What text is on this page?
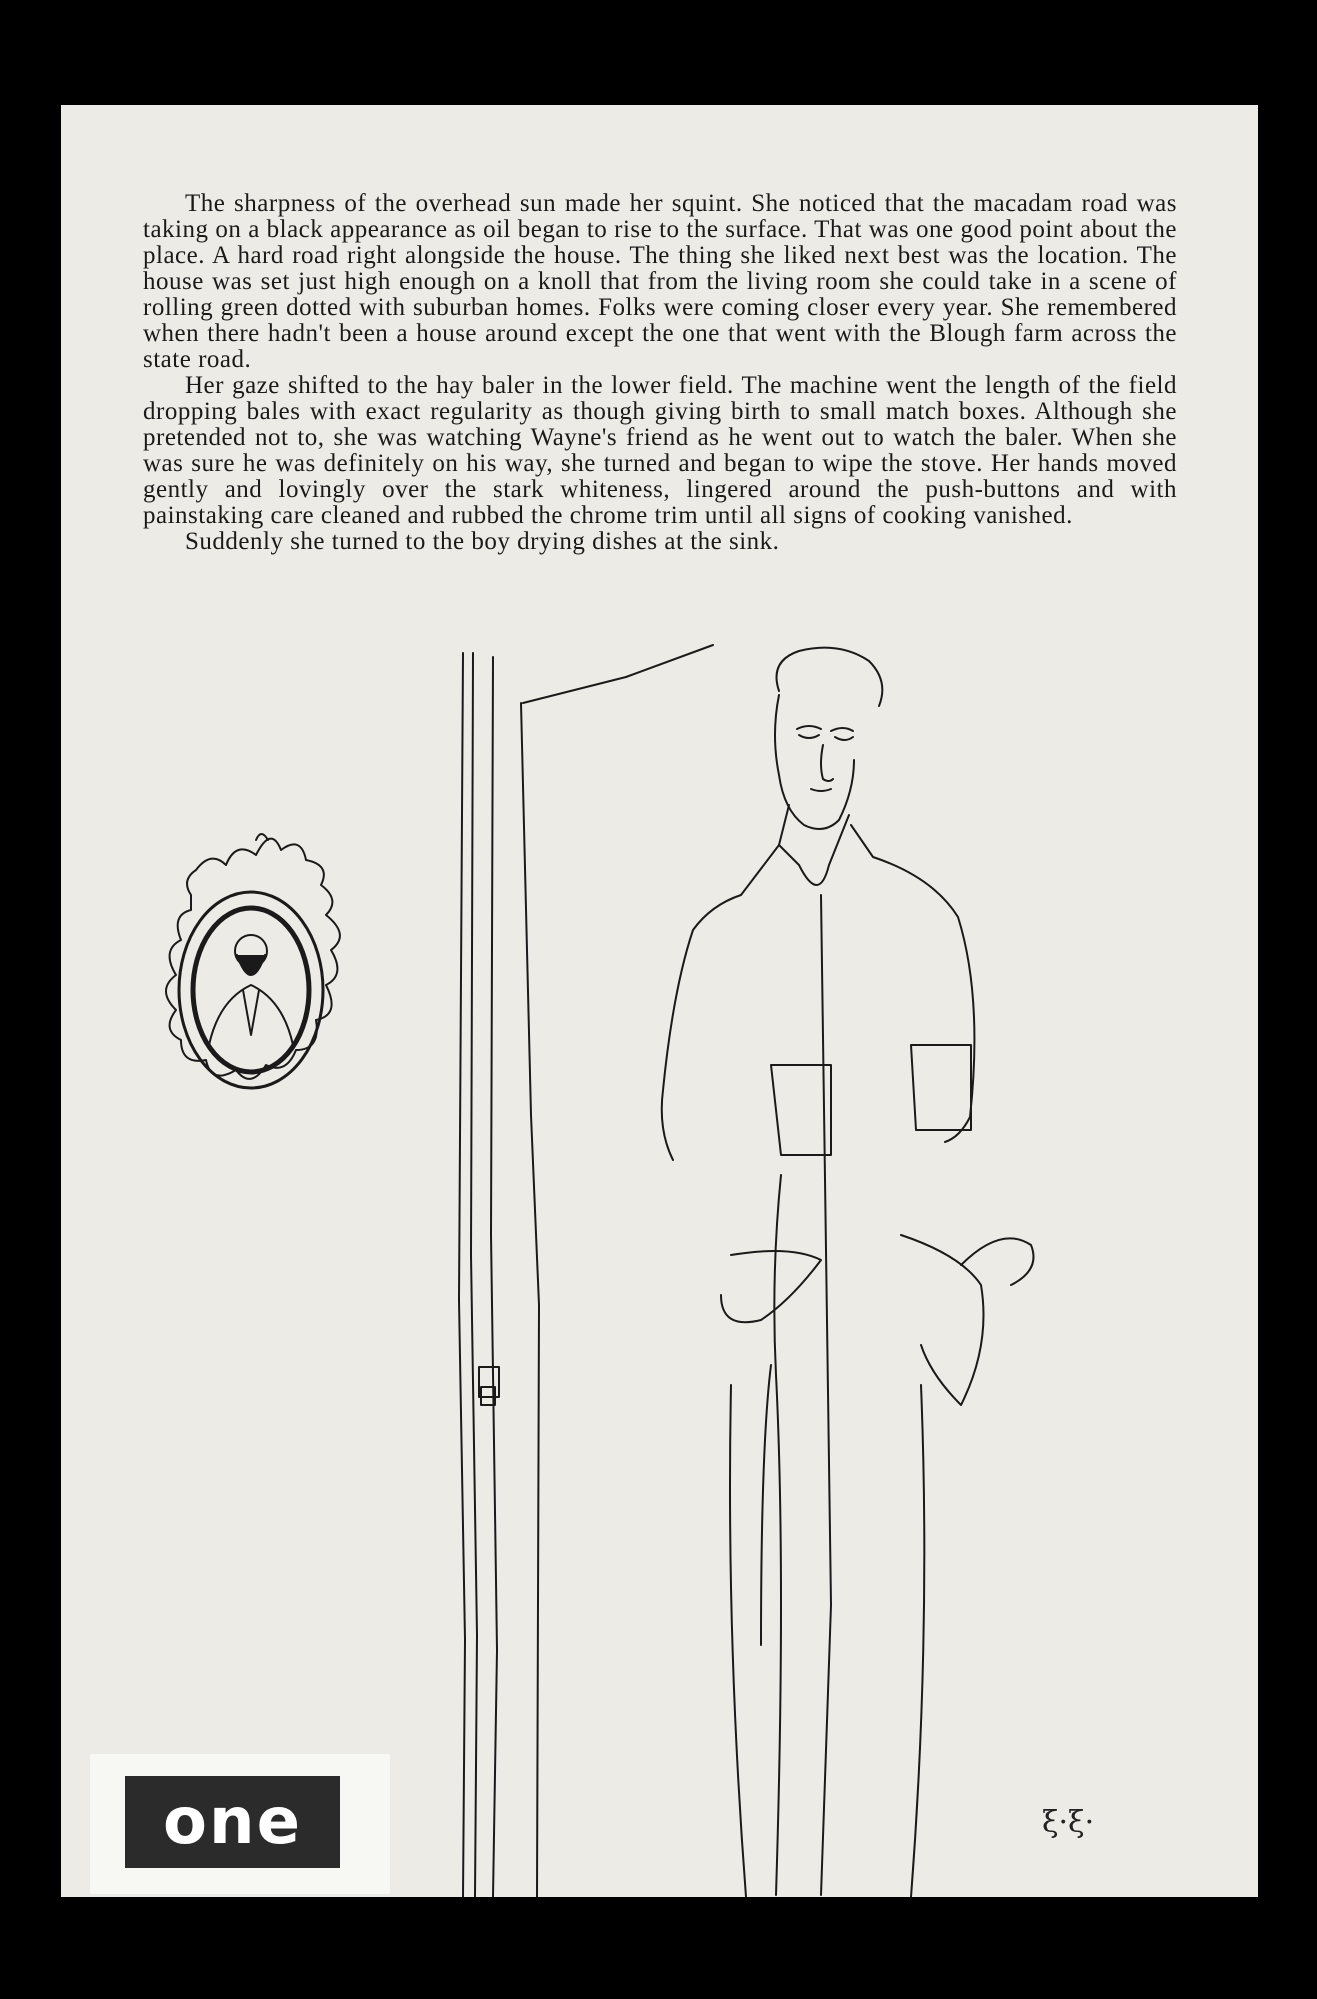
The sharpness of the overhead sun made her squint. She noticed that the macadam road was taking on a black appearance as oil began to rise to the surface. That was one good point about the place. A hard road right alongside the house. The thing she liked next best was the location. The house was set just high enough on a knoll that from the living room she could take in a scene of rolling green dotted with suburban homes. Folks were coming closer every year. She remembered when there hadn't been a house around except the one that went with the Blough farm across the state road.

Her gaze shifted to the hay baler in the lower field. The machine went the length of the field dropping bales with exact regularity as though giving birth to small match boxes. Although she pretended not to, she was watching Wayne's friend as he went out to watch the baler. When she was sure he was definitely on his way, she turned and began to wipe the stove. Her hands moved gently and lovingly over the stark whiteness, lingered around the push-buttons and with painstaking care cleaned and rubbed the chrome trim until all signs of cooking vanished.

Suddenly she turned to the boy drying dishes at the sink.

ξ·ξ·
one
